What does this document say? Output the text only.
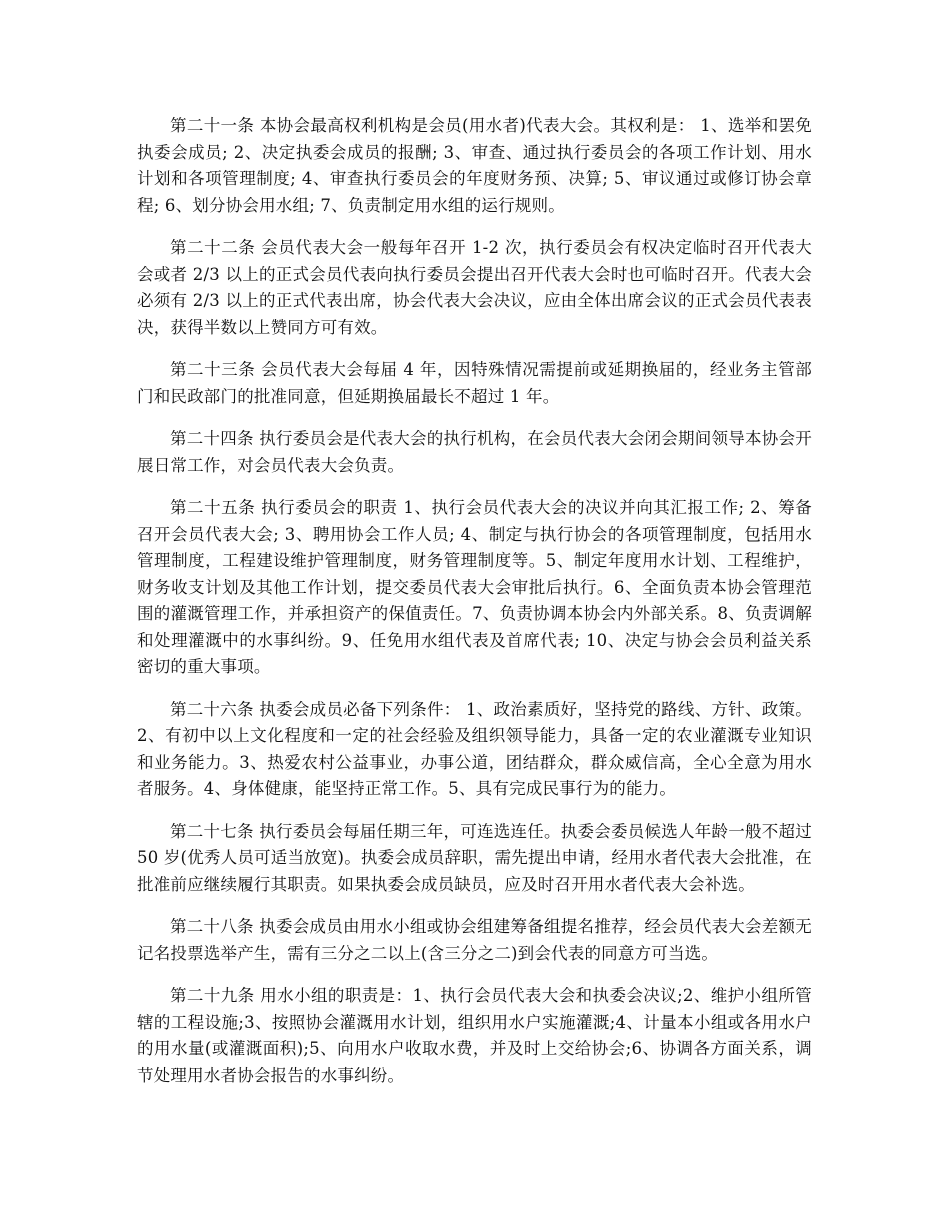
第二十一条 本协会最高权利机构是会员(用水者)代表大会。其权利是： 1、选举和罢免执委会成员; 2、决定执委会成员的报酬; 3、审查、通过执行委员会的各项工作计划、用水计划和各项管理制度; 4、审查执行委员会的年度财务预、决算; 5、审议通过或修订协会章程; 6、划分协会用水组; 7、负责制定用水组的运行规则。

第二十二条 会员代表大会一般每年召开 1-2 次，执行委员会有权决定临时召开代表大会或者 2/3 以上的正式会员代表向执行委员会提出召开代表大会时也可临时召开。代表大会必须有 2/3 以上的正式代表出席，协会代表大会决议，应由全体出席会议的正式会员代表表决，获得半数以上赞同方可有效。

第二十三条 会员代表大会每届 4 年，因特殊情况需提前或延期换届的，经业务主管部门和民政部门的批准同意，但延期换届最长不超过 1 年。

第二十四条 执行委员会是代表大会的执行机构，在会员代表大会闭会期间领导本协会开展日常工作，对会员代表大会负责。

第二十五条 执行委员会的职责 1、执行会员代表大会的决议并向其汇报工作; 2、筹备召开会员代表大会; 3、聘用协会工作人员; 4、制定与执行协会的各项管理制度，包括用水管理制度，工程建设维护管理制度，财务管理制度等。5、制定年度用水计划、工程维护，财务收支计划及其他工作计划，提交委员代表大会审批后执行。6、全面负责本协会管理范围的灌溉管理工作，并承担资产的保值责任。7、负责协调本协会内外部关系。8、负责调解和处理灌溉中的水事纠纷。9、任免用水组代表及首席代表; 10、决定与协会会员利益关系密切的重大事项。

第二十六条 执委会成员必备下列条件： 1、政治素质好，坚持党的路线、方针、政策。2、有初中以上文化程度和一定的社会经验及组织领导能力，具备一定的农业灌溉专业知识和业务能力。3、热爱农村公益事业，办事公道，团结群众，群众威信高，全心全意为用水者服务。4、身体健康，能坚持正常工作。5、具有完成民事行为的能力。

第二十七条 执行委员会每届任期三年，可连选连任。执委会委员候选人年龄一般不超过 50 岁(优秀人员可适当放宽)。执委会成员辞职，需先提出申请，经用水者代表大会批准，在批准前应继续履行其职责。如果执委会成员缺员，应及时召开用水者代表大会补选。

第二十八条 执委会成员由用水小组或协会组建筹备组提名推荐，经会员代表大会差额无记名投票选举产生，需有三分之二以上(含三分之二)到会代表的同意方可当选。

第二十九条 用水小组的职责是：1、执行会员代表大会和执委会决议;2、维护小组所管辖的工程设施;3、按照协会灌溉用水计划，组织用水户实施灌溉;4、计量本小组或各用水户的用水量(或灌溉面积);5、向用水户收取水费，并及时上交给协会;6、协调各方面关系，调节处理用水者协会报告的水事纠纷。
